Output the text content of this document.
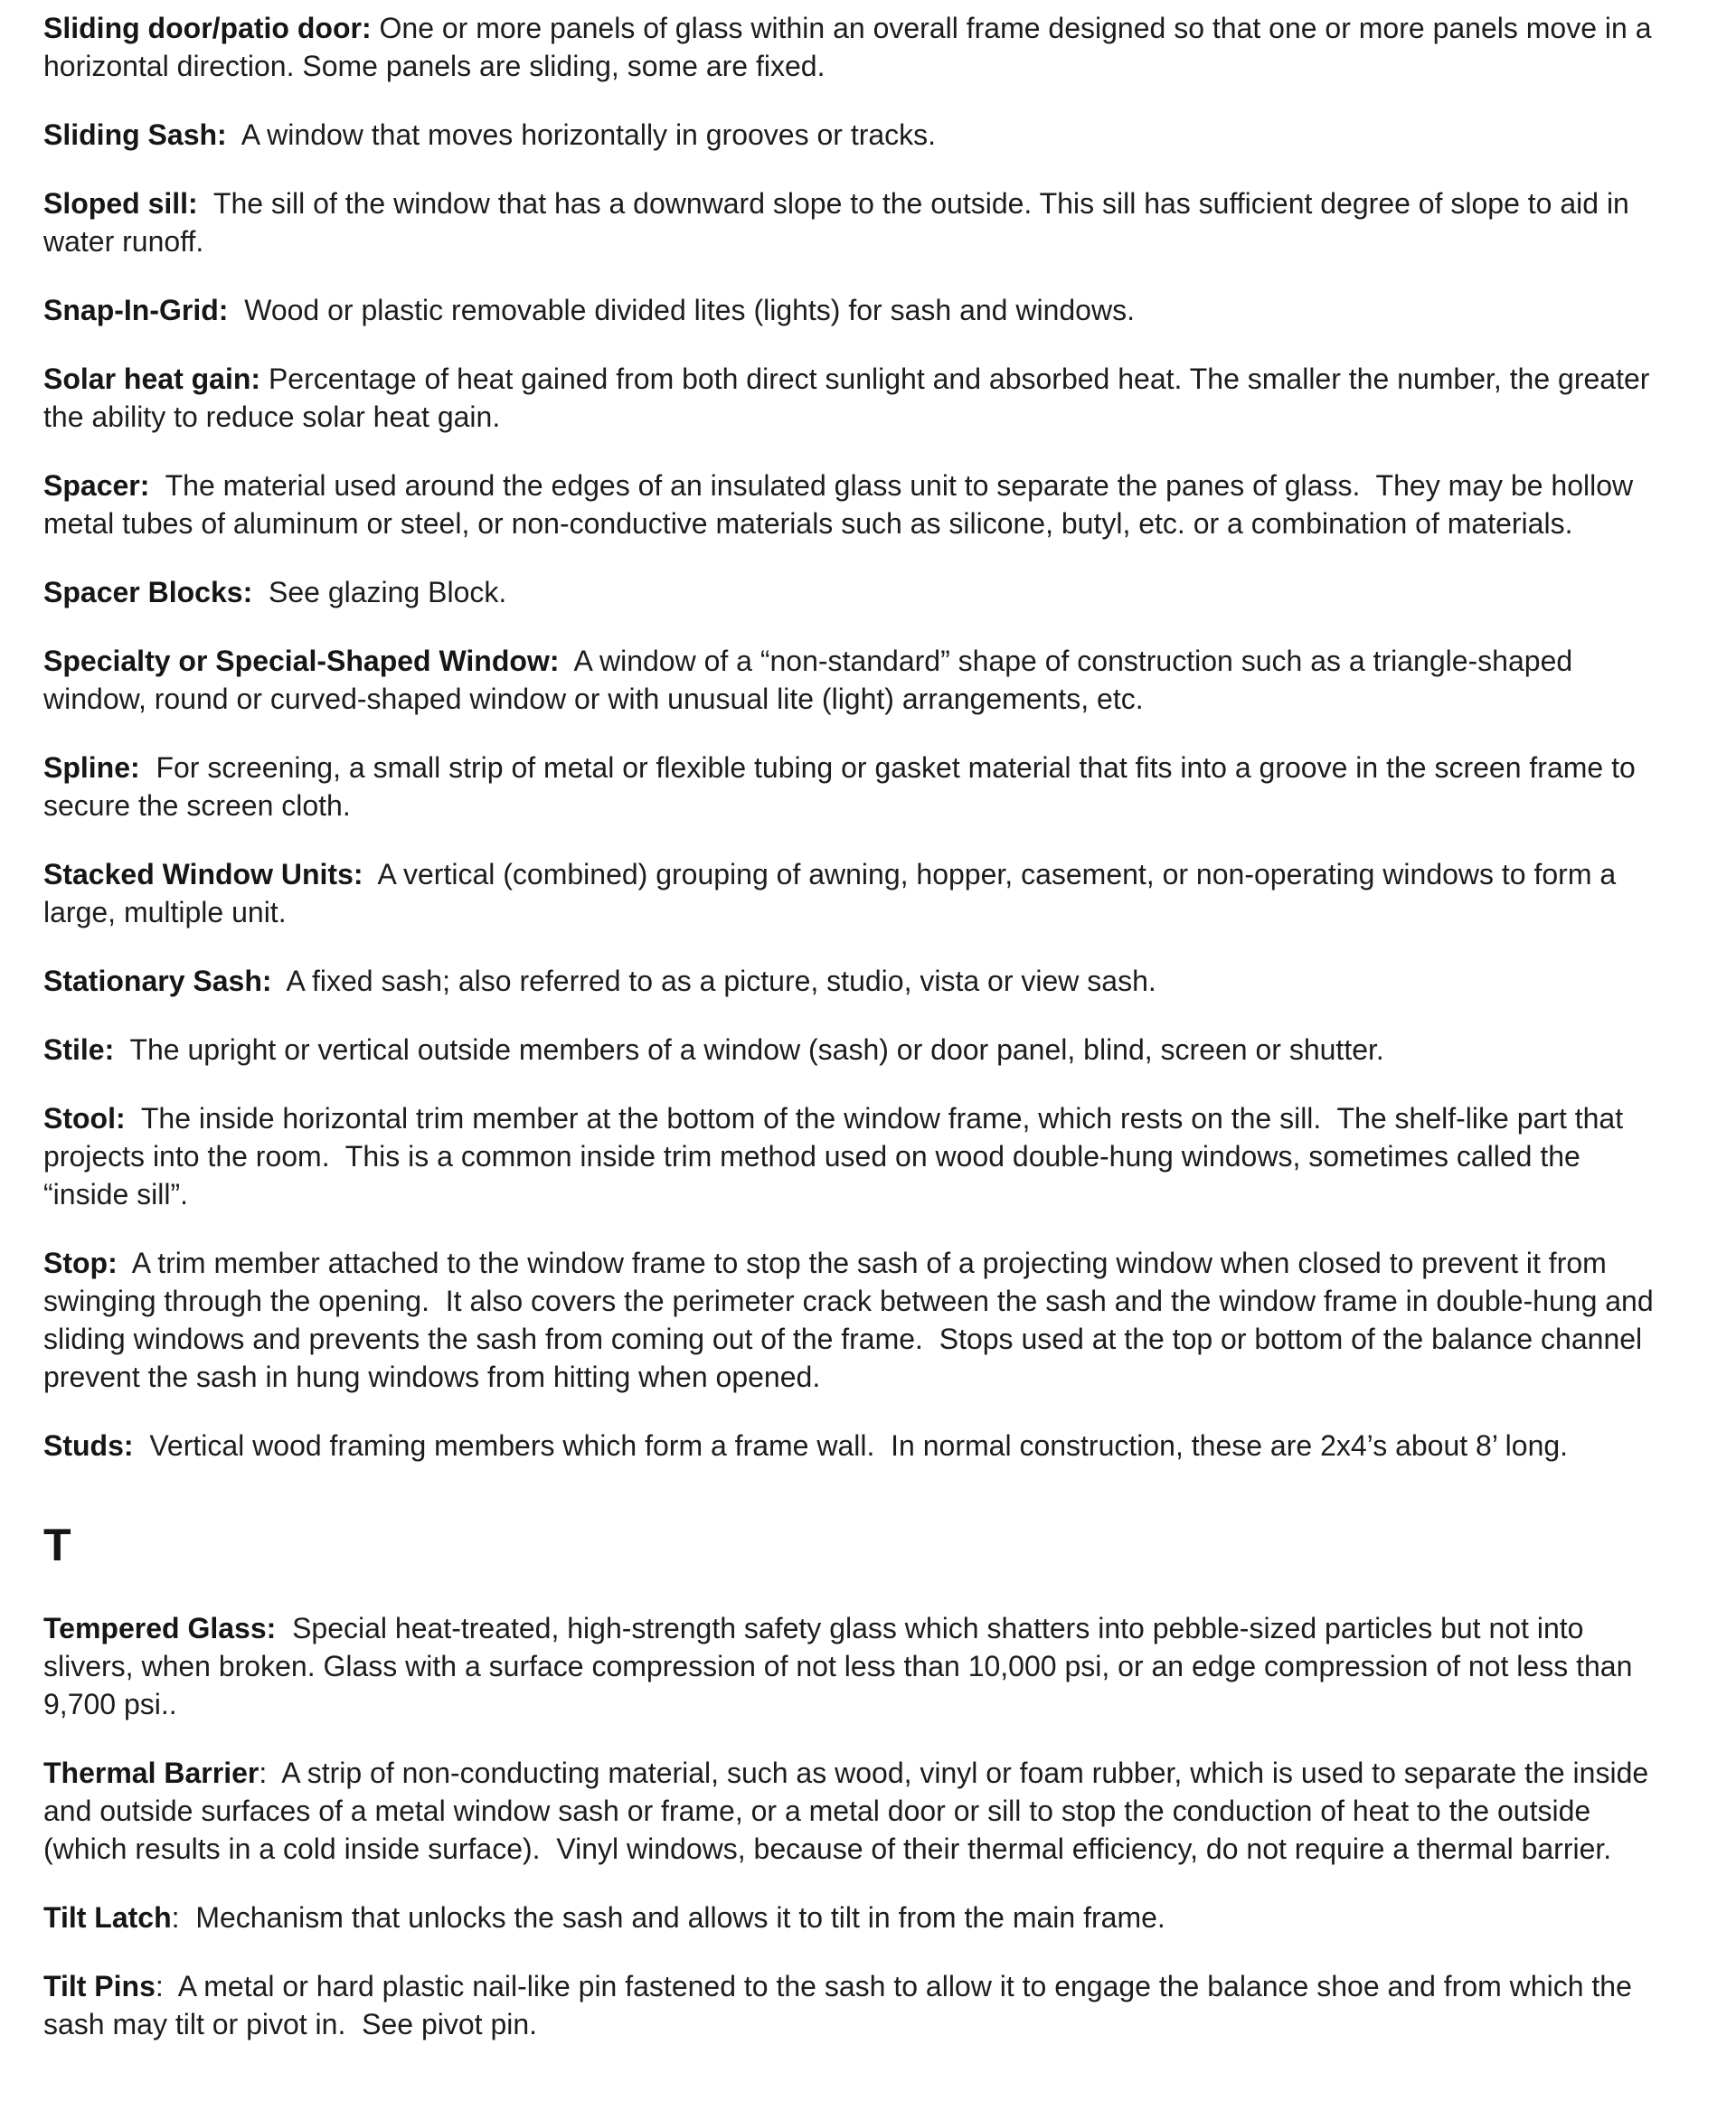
Sliding door/patio door: One or more panels of glass within an overall frame designed so that one or more panels move in a horizontal direction. Some panels are sliding, some are fixed.

Sliding Sash:  A window that moves horizontally in grooves or tracks.

Sloped sill:  The sill of the window that has a downward slope to the outside. This sill has sufficient degree of slope to aid in water runoff.

Snap-In-Grid:  Wood or plastic removable divided lites (lights) for sash and windows.

Solar heat gain: Percentage of heat gained from both direct sunlight and absorbed heat. The smaller the number, the greater the ability to reduce solar heat gain.

Spacer:  The material used around the edges of an insulated glass unit to separate the panes of glass.  They may be hollow metal tubes of aluminum or steel, or non-conductive materials such as silicone, butyl, etc. or a combination of materials.

Spacer Blocks:  See glazing Block.

Specialty or Special-Shaped Window:  A window of a “non-standard” shape of construction such as a triangle-shaped window, round or curved-shaped window or with unusual lite (light) arrangements, etc.

Spline:  For screening, a small strip of metal or flexible tubing or gasket material that fits into a groove in the screen frame to secure the screen cloth.

Stacked Window Units:  A vertical (combined) grouping of awning, hopper, casement, or non-operating windows to form a large, multiple unit.

Stationary Sash:  A fixed sash; also referred to as a picture, studio, vista or view sash.

Stile:  The upright or vertical outside members of a window (sash) or door panel, blind, screen or shutter.

Stool:  The inside horizontal trim member at the bottom of the window frame, which rests on the sill.  The shelf-like part that projects into the room.  This is a common inside trim method used on wood double-hung windows, sometimes called the “inside sill”.

Stop:  A trim member attached to the window frame to stop the sash of a projecting window when closed to prevent it from swinging through the opening.  It also covers the perimeter crack between the sash and the window frame in double-hung and sliding windows and prevents the sash from coming out of the frame.  Stops used at the top or bottom of the balance channel prevent the sash in hung windows from hitting when opened.

Studs:  Vertical wood framing members which form a frame wall.  In normal construction, these are 2x4’s about 8’ long.

T

Tempered Glass:  Special heat-treated, high-strength safety glass which shatters into pebble-sized particles but not into slivers, when broken. Glass with a surface compression of not less than 10,000 psi, or an edge compression of not less than 9,700 psi..

Thermal Barrier:  A strip of non-conducting material, such as wood, vinyl or foam rubber, which is used to separate the inside and outside surfaces of a metal window sash or frame, or a metal door or sill to stop the conduction of heat to the outside (which results in a cold inside surface).  Vinyl windows, because of their thermal efficiency, do not require a thermal barrier.

Tilt Latch:  Mechanism that unlocks the sash and allows it to tilt in from the main frame.

Tilt Pins:  A metal or hard plastic nail-like pin fastened to the sash to allow it to engage the balance shoe and from which the sash may tilt or pivot in.  See pivot pin.
